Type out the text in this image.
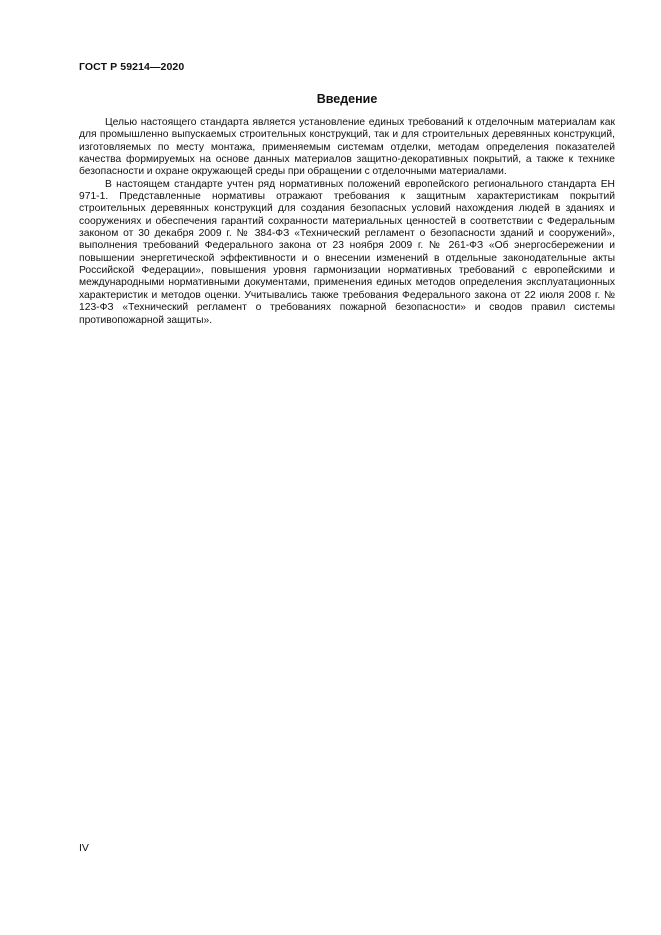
ГОСТ Р 59214—2020
Введение

Целью настоящего стандарта является установление единых требований к отделочным материалам как для промышленно выпускаемых строительных конструкций, так и для строительных деревянных конструкций, изготовляемых по месту монтажа, применяемым системам отделки, методам определения показателей качества формируемых на основе данных материалов защитно-декоративных покрытий, а также к технике безопасности и охране окружающей среды при обращении с отделочными материалами.

В настоящем стандарте учтен ряд нормативных положений европейского регионального стандарта ЕН 971-1. Представленные нормативы отражают требования к защитным характеристикам покрытий строительных деревянных конструкций для создания безопасных условий нахождения людей в зданиях и сооружениях и обеспечения гарантий сохранности материальных ценностей в соответствии с Федеральным законом от 30 декабря 2009 г. № 384-ФЗ «Технический регламент о безопасности зданий и сооружений», выполнения требований Федерального закона от 23 ноября 2009 г. № 261-ФЗ «Об энергосбережении и повышении энергетической эффективности и о внесении изменений в отдельные законодательные акты Российской Федерации», повышения уровня гармонизации нормативных требований с европейскими и международными нормативными документами, применения единых методов определения эксплуатационных характеристик и методов оценки. Учитывались также требования Федерального закона от 22 июля 2008 г. № 123-ФЗ «Технический регламент о требованиях пожарной безопасности» и сводов правил системы противопожарной защиты».

IV
